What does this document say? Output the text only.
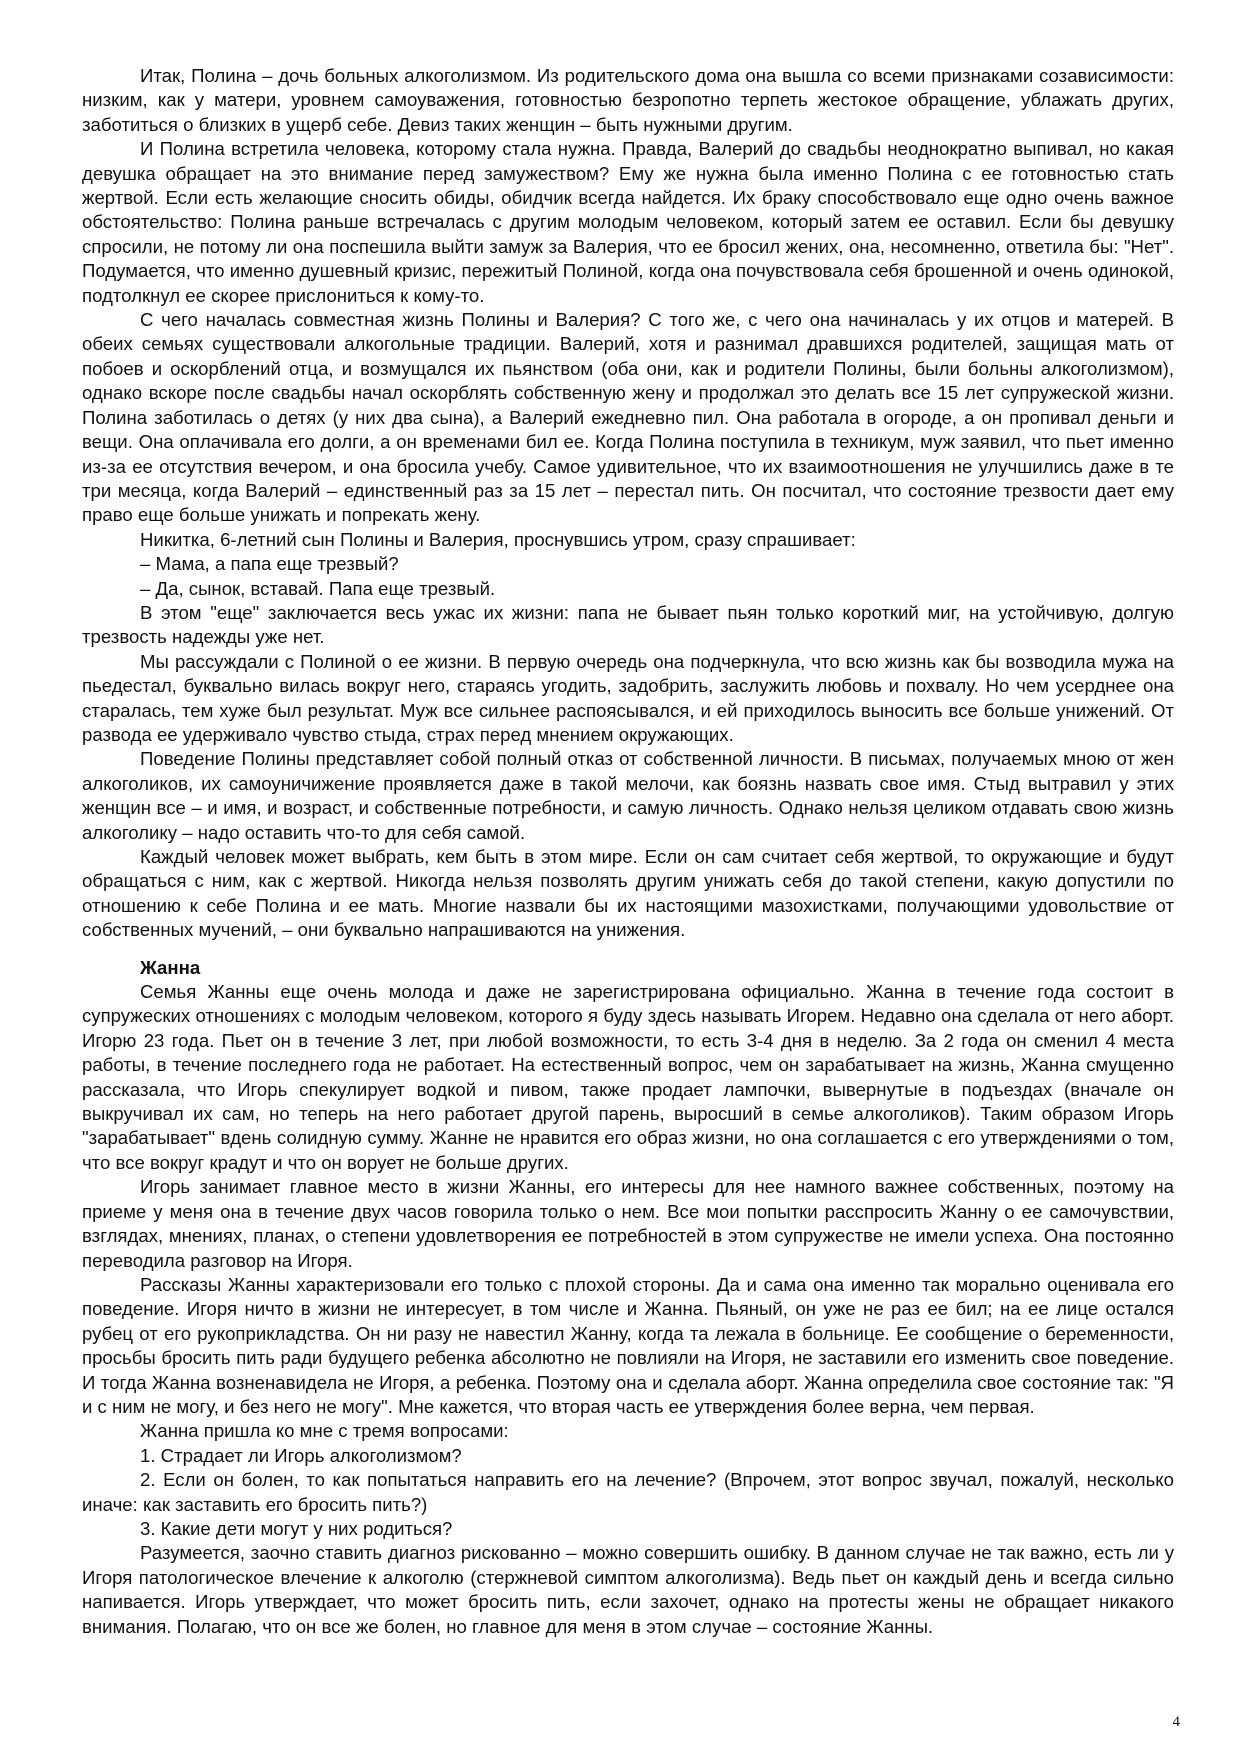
Итак, Полина – дочь больных алкоголизмом. Из родительского дома она вышла со всеми признаками созависимости: низким, как у матери, уровнем самоуважения, готовностью безропотно терпеть жестокое обращение, ублажать других, заботиться о близких в ущерб себе. Девиз таких женщин – быть нужными другим.

И Полина встретила человека, которому стала нужна. Правда, Валерий до свадьбы неоднократно выпивал, но какая девушка обращает на это внимание перед замужеством? Ему же нужна была именно Полина с ее готовностью стать жертвой. Если есть желающие сносить обиды, обидчик всегда найдется. Их браку способствовало еще одно очень важное обстоятельство: Полина раньше встречалась с другим молодым человеком, который затем ее оставил. Если бы девушку спросили, не потому ли она поспешила выйти замуж за Валерия, что ее бросил жених, она, несомненно, ответила бы: "Нет". Подумается, что именно душевный кризис, пережитый Полиной, когда она почувствовала себя брошенной и очень одинокой, подтолкнул ее скорее прислониться к кому-то.

С чего началась совместная жизнь Полины и Валерия? С того же, с чего она начиналась у их отцов и матерей. В обеих семьях существовали алкогольные традиции. Валерий, хотя и разнимал дравшихся родителей, защищая мать от побоев и оскорблений отца, и возмущался их пьянством (оба они, как и родители Полины, были больны алкоголизмом), однако вскоре после свадьбы начал оскорблять собственную жену и продолжал это делать все 15 лет супружеской жизни. Полина заботилась о детях (у них два сына), а Валерий ежедневно пил. Она работала в огороде, а он пропивал деньги и вещи. Она оплачивала его долги, а он временами бил ее. Когда Полина поступила в техникум, муж заявил, что пьет именно из-за ее отсутствия вечером, и она бросила учебу. Самое удивительное, что их взаимоотношения не улучшились даже в те три месяца, когда Валерий – единственный раз за 15 лет – перестал пить. Он посчитал, что состояние трезвости дает ему право еще больше унижать и попрекать жену.

Никитка, 6-летний сын Полины и Валерия, проснувшись утром, сразу спрашивает:

– Мама, а папа еще трезвый?

– Да, сынок, вставай. Папа еще трезвый.

В этом "еще" заключается весь ужас их жизни: папа не бывает пьян только короткий миг, на устойчивую, долгую трезвость надежды уже нет.

Мы рассуждали с Полиной о ее жизни. В первую очередь она подчеркнула, что всю жизнь как бы возводила мужа на пьедестал, буквально вилась вокруг него, стараясь угодить, задобрить, заслужить любовь и похвалу. Но чем усерднее она старалась, тем хуже был результат. Муж все сильнее распоясывался, и ей приходилось выносить все больше унижений. От развода ее удерживало чувство стыда, страх перед мнением окружающих.

Поведение Полины представляет собой полный отказ от собственной личности. В письмах, получаемых мною от жен алкоголиков, их самоуничижение проявляется даже в такой мелочи, как боязнь назвать свое имя. Стыд вытравил у этих женщин все – и имя, и возраст, и собственные потребности, и самую личность. Однако нельзя целиком отдавать свою жизнь алкоголику – надо оставить что-то для себя самой.

Каждый человек может выбрать, кем быть в этом мире. Если он сам считает себя жертвой, то окружающие и будут обращаться с ним, как с жертвой. Никогда нельзя позволять другим унижать себя до такой степени, какую допустили по отношению к себе Полина и ее мать. Многие назвали бы их настоящими мазохистками, получающими удовольствие от собственных мучений, – они буквально напрашиваются на унижения.

Жанна

Семья Жанны еще очень молода и даже не зарегистрирована официально. Жанна в течение года состоит в супружеских отношениях с молодым человеком, которого я буду здесь называть Игорем. Недавно она сделала от него аборт. Игорю 23 года. Пьет он в течение 3 лет, при любой возможности, то есть 3-4 дня в неделю. За 2 года он сменил 4 места работы, в течение последнего года не работает. На естественный вопрос, чем он зарабатывает на жизнь, Жанна смущенно рассказала, что Игорь спекулирует водкой и пивом, также продает лампочки, вывернутые в подъездах (вначале он выкручивал их сам, но теперь на него работает другой парень, выросший в семье алкоголиков). Таким образом Игорь "зарабатывает" вдень солидную сумму. Жанне не нравится его образ жизни, но она соглашается с его утверждениями о том, что все вокруг крадут и что он ворует не больше других.

Игорь занимает главное место в жизни Жанны, его интересы для нее намного важнее собственных, поэтому на приеме у меня она в течение двух часов говорила только о нем. Все мои попытки расспросить Жанну о ее самочувствии, взглядах, мнениях, планах, о степени удовлетворения ее потребностей в этом супружестве не имели успеха. Она постоянно переводила разговор на Игоря.

Рассказы Жанны характеризовали его только с плохой стороны. Да и сама она именно так морально оценивала его поведение. Игоря ничто в жизни не интересует, в том числе и Жанна. Пьяный, он уже не раз ее бил; на ее лице остался рубец от его рукоприкладства. Он ни разу не навестил Жанну, когда та лежала в больнице. Ее сообщение о беременности, просьбы бросить пить ради будущего ребенка абсолютно не повлияли на Игоря, не заставили его изменить свое поведение. И тогда Жанна возненавидела не Игоря, а ребенка. Поэтому она и сделала аборт. Жанна определила свое состояние так: "Я и с ним не могу, и без него не могу". Мне кажется, что вторая часть ее утверждения более верна, чем первая.

Жанна пришла ко мне с тремя вопросами:

1. Страдает ли Игорь алкоголизмом?

2. Если он болен, то как попытаться направить его на лечение? (Впрочем, этот вопрос звучал, пожалуй, несколько иначе: как заставить его бросить пить?)

3. Какие дети могут у них родиться?

Разумеется, заочно ставить диагноз рискованно – можно совершить ошибку. В данном случае не так важно, есть ли у Игоря патологическое влечение к алкоголю (стержневой симптом алкоголизма). Ведь пьет он каждый день и всегда сильно напивается. Игорь утверждает, что может бросить пить, если захочет, однако на протесты жены не обращает никакого внимания. Полагаю, что он все же болен, но главное для меня в этом случае – состояние Жанны.

4
